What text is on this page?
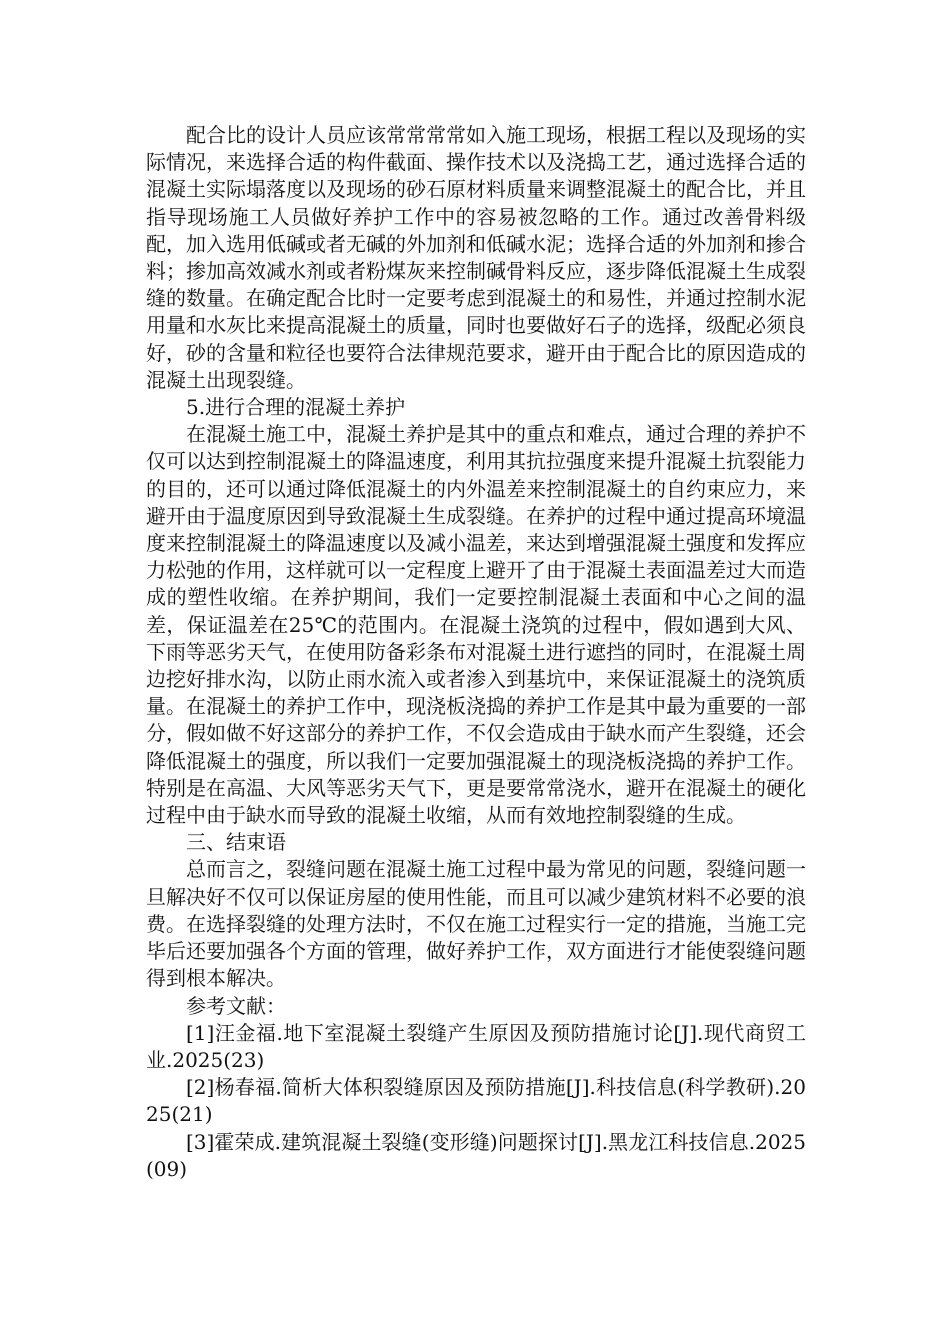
配合比的设计人员应该常常常常如入施工现场，根据工程以及现场的实际情况，来选择合适的构件截面、操作技术以及浇捣工艺，通过选择合适的混凝土实际塌落度以及现场的砂石原材料质量来调整混凝土的配合比，并且指导现场施工人员做好养护工作中的容易被忽略的工作。通过改善骨料级配，加入选用低碱或者无碱的外加剂和低碱水泥；选择合适的外加剂和掺合料；掺加高效减水剂或者粉煤灰来控制碱骨料反应，逐步降低混凝土生成裂缝的数量。在确定配合比时一定要考虑到混凝土的和易性，并通过控制水泥用量和水灰比来提高混凝土的质量，同时也要做好石子的选择，级配必须良好，砂的含量和粒径也要符合法律规范要求，避开由于配合比的原因造成的混凝土出现裂缝。

5.进行合理的混凝土养护

在混凝土施工中，混凝土养护是其中的重点和难点，通过合理的养护不仅可以达到控制混凝土的降温速度，利用其抗拉强度来提升混凝土抗裂能力的目的，还可以通过降低混凝土的内外温差来控制混凝土的自约束应力，来避开由于温度原因到导致混凝土生成裂缝。在养护的过程中通过提高环境温度来控制混凝土的降温速度以及减小温差，来达到增强混凝土强度和发挥应力松弛的作用，这样就可以一定程度上避开了由于混凝土表面温差过大而造成的塑性收缩。在养护期间，我们一定要控制混凝土表面和中心之间的温差，保证温差在25℃的范围内。在混凝土浇筑的过程中，假如遇到大风、下雨等恶劣天气，在使用防备彩条布对混凝土进行遮挡的同时，在混凝土周边挖好排水沟，以防止雨水流入或者渗入到基坑中，来保证混凝土的浇筑质量。在混凝土的养护工作中，现浇板浇捣的养护工作是其中最为重要的一部分，假如做不好这部分的养护工作，不仅会造成由于缺水而产生裂缝，还会降低混凝土的强度，所以我们一定要加强混凝土的现浇板浇捣的养护工作。特别是在高温、大风等恶劣天气下，更是要常常浇水，避开在混凝土的硬化过程中由于缺水而导致的混凝土收缩，从而有效地控制裂缝的生成。

三、结束语

总而言之，裂缝问题在混凝土施工过程中最为常见的问题，裂缝问题一旦解决好不仅可以保证房屋的使用性能，而且可以减少建筑材料不必要的浪费。在选择裂缝的处理方法时，不仅在施工过程实行一定的措施，当施工完毕后还要加强各个方面的管理，做好养护工作，双方面进行才能使裂缝问题得到根本解决。

参考文献：

[1]汪金福.地下室混凝土裂缝产生原因及预防措施讨论[J].现代商贸工业.2025(23)

[2]杨春福.简析大体积裂缝原因及预防措施[J].科技信息(科学教研).2025(21)

[3]霍荣成.建筑混凝土裂缝(变形缝)问题探讨[J].黑龙江科技信息.2025(09)
